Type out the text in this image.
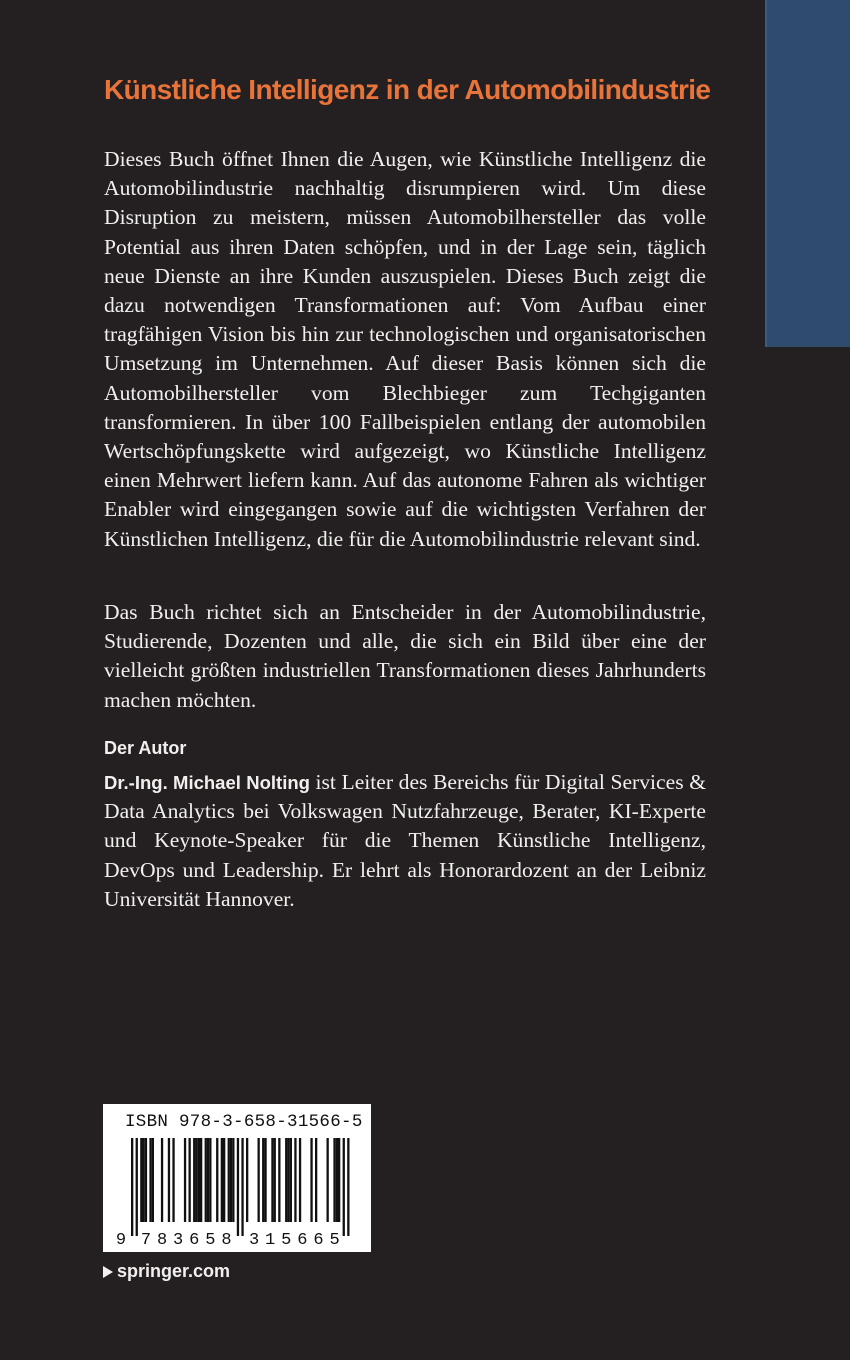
Künstliche Intelligenz in der Automobilindustrie

Dieses Buch öffnet Ihnen die Augen, wie Künstliche Intelligenz die Automobilindustrie nachhaltig disrumpieren wird. Um diese Disruption zu meistern, müssen Automobilhersteller das volle Potential aus ihren Daten schöpfen, und in der Lage sein, täglich neue Dienste an ihre Kunden auszuspielen. Dieses Buch zeigt die dazu notwendigen Transformationen auf: Vom Aufbau einer tragfähigen Vision bis hin zur technologischen und organisatorischen Umsetzung im Unternehmen. Auf dieser Basis können sich die Automobilhersteller vom Blechbieger zum Techgiganten transformieren. In über 100 Fallbeispielen entlang der automobilen Wertschöpfungskette wird aufgezeigt, wo Künstliche Intelligenz einen Mehrwert liefern kann. Auf das autonome Fahren als wichtiger Enabler wird eingegangen sowie auf die wichtigsten Verfahren der Künstlichen Intelligenz, die für die Automobilindustrie relevant sind.

Das Buch richtet sich an Entscheider in der Automobilindustrie, Studierende, Dozenten und alle, die sich ein Bild über eine der vielleicht größten industriellen Transformationen dieses Jahrhunderts machen möchten.

Der Autor

Dr.-Ing. Michael Nolting ist Leiter des Bereichs für Digital Services & Data Analytics bei Volkswagen Nutzfahrzeuge, Berater, KI-Experte und Keynote-Speaker für die Themen Künstliche Intelligenz, DevOps und Leadership. Er lehrt als Honorardozent an der Leibniz Universität Hannover.

ISBN 978-3-658-31566-5
9 7 8 3 6 5 8 3 1 5 6 6 5
springer.com
